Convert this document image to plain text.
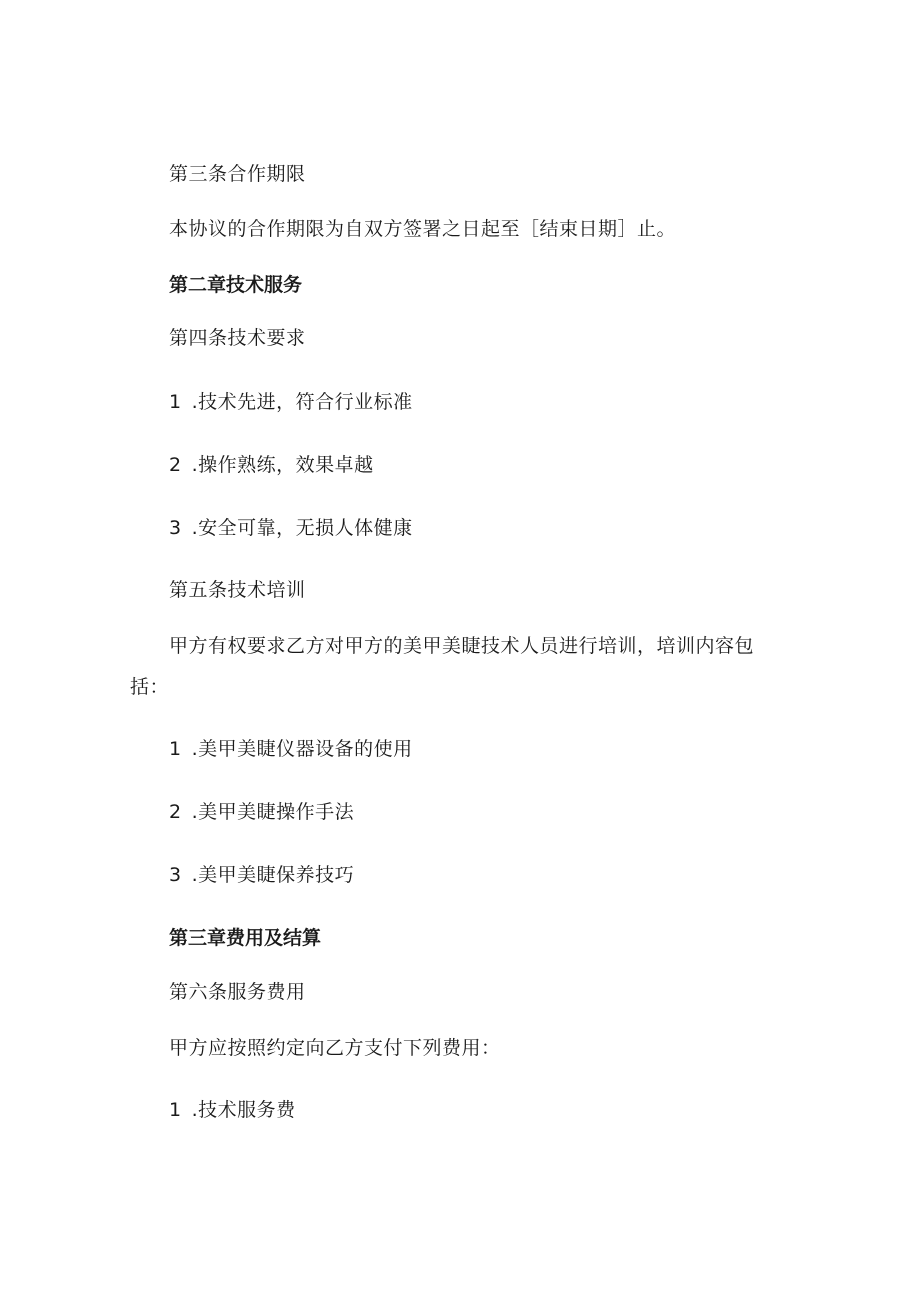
第三条合作期限
本协议的合作期限为自双方签署之日起至［结束日期］止。
第二章技术服务
第四条技术要求
1 .技术先进，符合行业标准
2 .操作熟练，效果卓越
3 .安全可靠，无损人体健康
第五条技术培训
甲方有权要求乙方对甲方的美甲美睫技术人员进行培训，培训内容包
括：
1 .美甲美睫仪器设备的使用
2 .美甲美睫操作手法
3 .美甲美睫保养技巧
第三章费用及结算
第六条服务费用
甲方应按照约定向乙方支付下列费用：
1 .技术服务费
